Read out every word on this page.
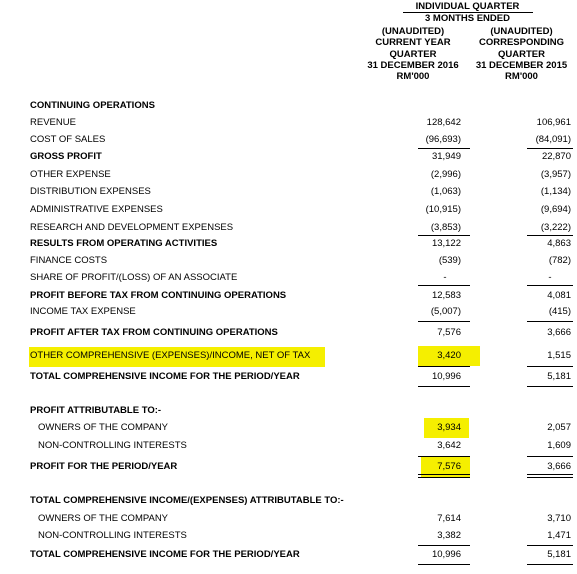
INDIVIDUAL QUARTER
3 MONTHS ENDED
(UNAUDITED)
CURRENT YEAR
QUARTER
31 DECEMBER 2016
RM'000
(UNAUDITED)
CORRESPONDING
QUARTER
31 DECEMBER 2015
RM'000
CONTINUING OPERATIONS
REVENUE	128,642	106,961
COST OF SALES	(96,693)	(84,091)
GROSS PROFIT	31,949	22,870
OTHER EXPENSE	(2,996)	(3,957)
DISTRIBUTION EXPENSES	(1,063)	(1,134)
ADMINISTRATIVE EXPENSES	(10,915)	(9,694)
RESEARCH AND DEVELOPMENT EXPENSES	(3,853)	(3,222)
RESULTS FROM OPERATING ACTIVITIES	13,122	4,863
FINANCE COSTS	(539)	(782)
SHARE OF PROFIT/(LOSS) OF AN ASSOCIATE	-	-
PROFIT BEFORE TAX FROM CONTINUING OPERATIONS	12,583	4,081
INCOME TAX EXPENSE	(5,007)	(415)
PROFIT AFTER TAX FROM CONTINUING OPERATIONS	7,576	3,666
OTHER COMPREHENSIVE (EXPENSES)/INCOME, NET OF TAX	3,420	1,515
TOTAL COMPREHENSIVE INCOME FOR THE PERIOD/YEAR	10,996	5,181
PROFIT ATTRIBUTABLE TO:-
OWNERS OF THE COMPANY	3,934	2,057
NON-CONTROLLING INTERESTS	3,642	1,609
PROFIT FOR THE PERIOD/YEAR	7,576	3,666
TOTAL COMPREHENSIVE INCOME/(EXPENSES) ATTRIBUTABLE TO:-
OWNERS OF THE COMPANY	7,614	3,710
NON-CONTROLLING INTERESTS	3,382	1,471
TOTAL COMPREHENSIVE INCOME FOR THE PERIOD/YEAR	10,996	5,181
